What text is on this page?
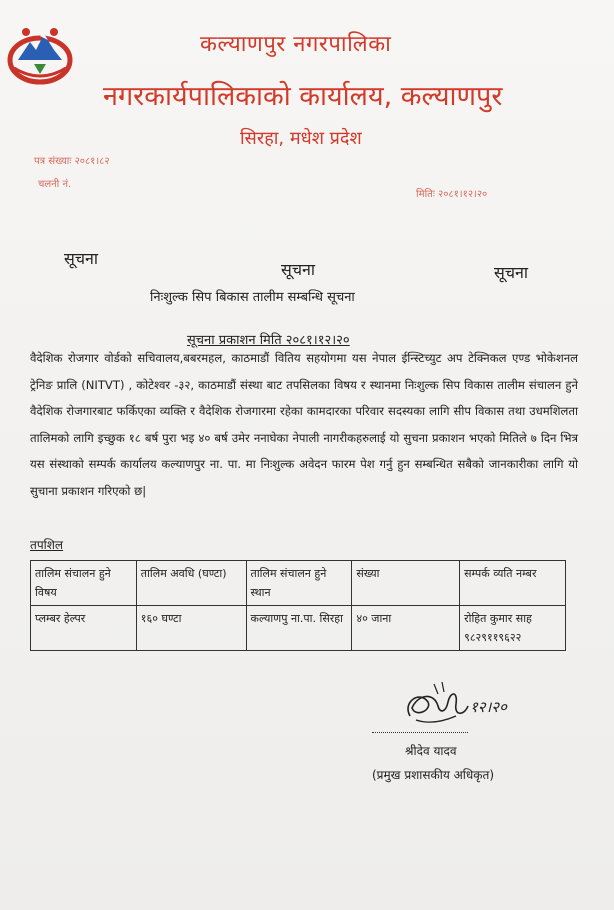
कल्याणपुर नगरपालिका
नगरकार्यपालिकाको कार्यालय, कल्याणपुर
सिरहा, मधेश प्रदेश
पत्र संख्याः २०८१।८२
चलनी नं.
मितिः २०८१।१२।२०
सूचना
सूचना	सूचना
निःशुल्क सिप बिकास तालीम सम्बन्धि सूचना
सूचना प्रकाशन मिति २०८१।१२।२०
वैदेशिक रोजगार वोर्डको सचिवालय,बबरमहल, काठमाडौं वितिय सहयोगमा यस नेपाल ईन्स्टिच्युट अप टेक्निकल एण्ड भोकेशनल ट्रेनिङ प्रालि (NITVT) , कोटेश्वर -३२, काठमाडौं संस्था बाट तपसिलका विषय र स्थानमा निःशुल्क सिप विकास तालीम संचालन हुने वैदेशिक रोजगारबाट फर्किएका व्यक्ति र वैदेशिक रोजगारमा रहेका कामदारका परिवार सदस्यका लागि सीप विकास तथा उधमशिलता तालिमको लागि इच्छुक १८ बर्ष पुरा भइ ४० बर्ष उमेर ननाघेका नेपाली नागरीकहरुलाई यो सुचना प्रकाशन भएको मितिले ७ दिन भित्र यस संस्थाको सम्पर्क कार्यालय कल्याणपुर ना. पा. मा निःशुल्क अवेदन फारम पेश गर्नु हुन सम्बन्धित सबैको जानकारीका लागि यो सुचाना प्रकाशन गरिएको छ|
तपशिल
तालिम संचालन हुने विषय	तालिम अवधि (घण्टा)	तालिम संचालन हुने स्थान	संख्या	सम्पर्क व्यति नम्बर
प्लम्बर हेल्पर	१६० घण्टा	कल्याणपु ना.पा. सिरहा	४० जाना	रोहित कुमार साह ९८२९११९६२२
१२।२०
श्रीदेव यादव
(प्रमुख प्रशासकीय अधिकृत)
